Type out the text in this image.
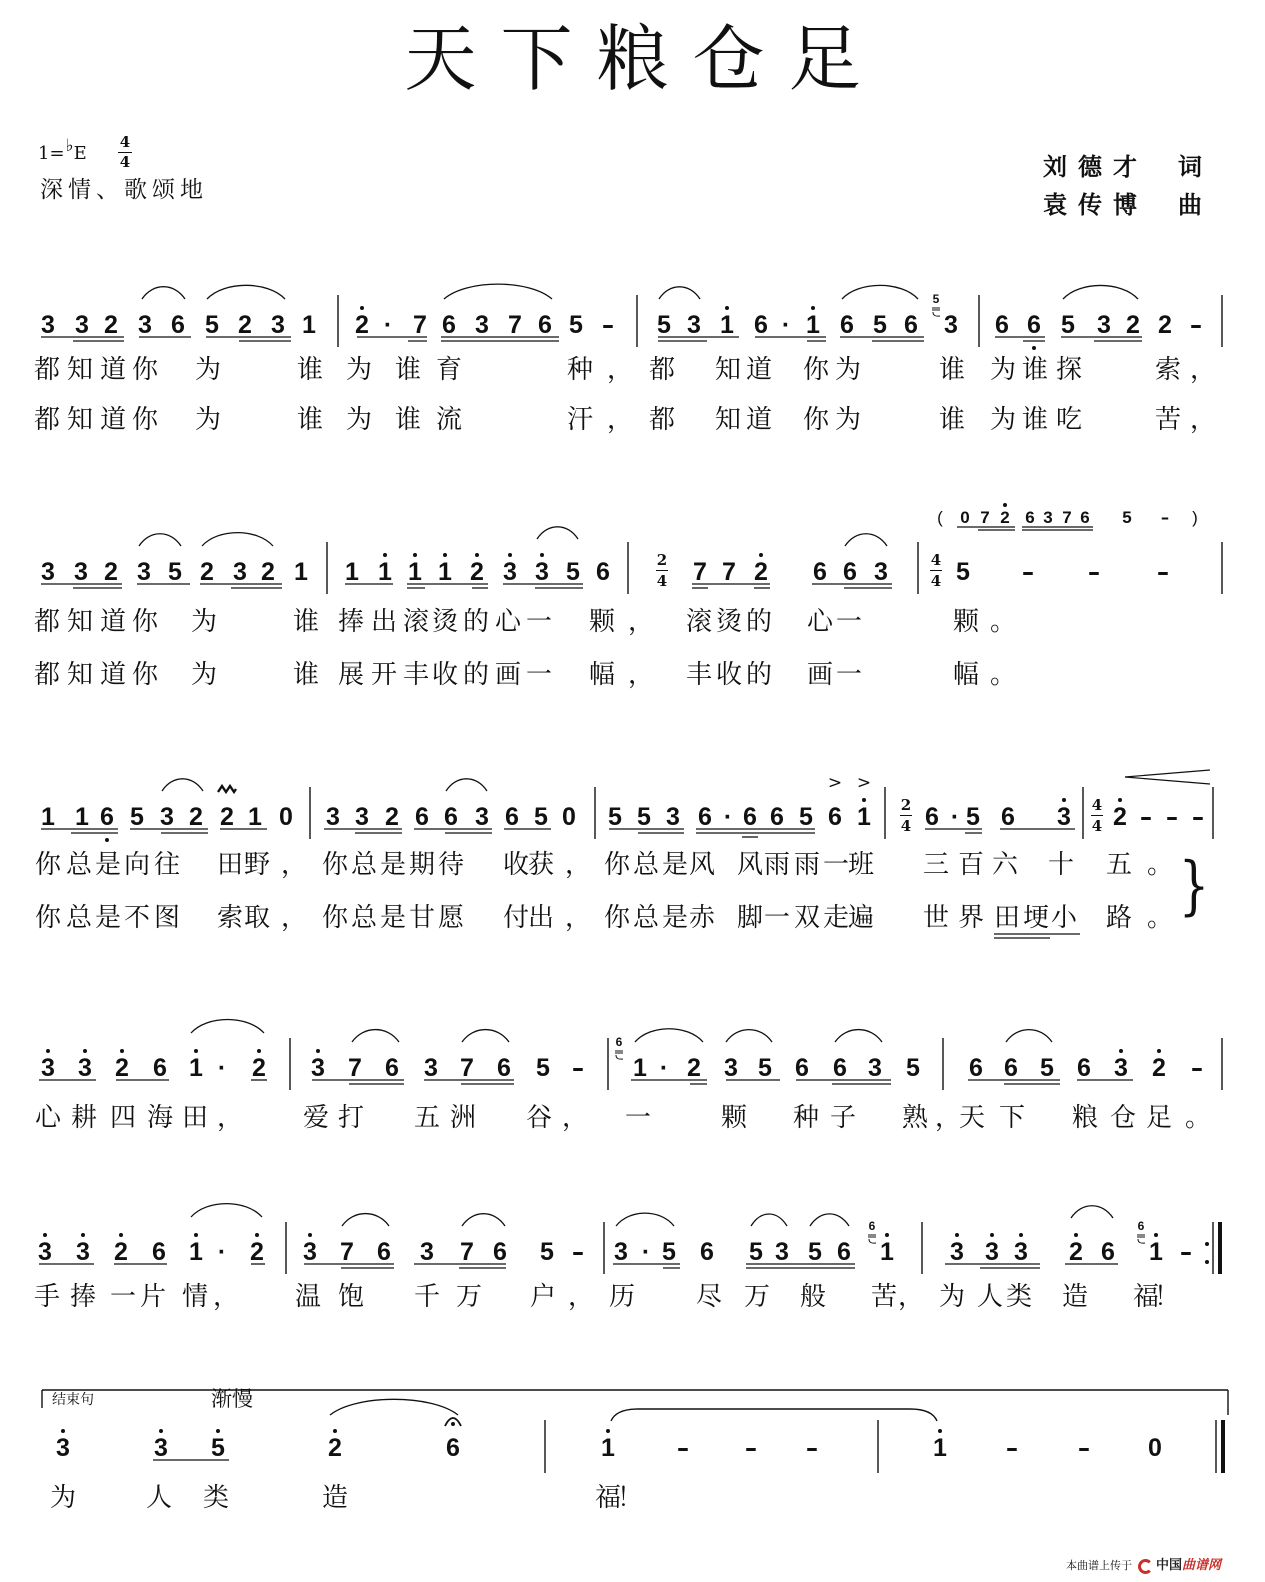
天下粮仓足
1=♭E
4
4
深情、歌颂地
刘德才 词
袁传博 曲
结束句	渐慢
本曲谱上传于 中国曲谱网
3 3 2 3 6 5 2 3 1 2 · 7 6 3 7 6 5 -	5 3 1 6 · 1 6 5 6 3 6 6 5 3 2 2 -
5
都 知 道 你 为	谁 为 谁 育	种 ， 都 知 道 你 为	谁 为 谁 探	索 ，
都 知 道 你 为	谁 为 谁 流	汗 ， 都 知 道 你 为	谁 为 谁 吃	苦 ，
3 3 2 3 5 2 3 2 1 1 1 1 1 2 3 3 5 6	7 7 2 6 6 3	5	-	-	-
2
4
4
4
都 知 道 你 为	谁 捧 出 滚 烫 的 心 一 颗 ， 滚 烫 的 心 一	颗 。
都 知 道 你 为	谁 展 开 丰 收 的 画 一 幅 ， 丰 收 的 画 一	幅 。
1 1 6 5 3 2 2 1 0 3 3 2 6 6 3 6 5 0 5 5 3 6 · 6 6 5 6 1 6 · 5 6 3 2 - - -
2
4
4
4
你 总 是 向 往 田 野 ， 你 总 是 期 待 收
获 ， 你 总 是 风 风 雨 雨 一
班 三 百 六 十 五 。
你 总 是 不 图 索 取 ， 你 总 是 甘 愿 付
出 ， 你 总 是 赤 脚 一 双 走
遍 世 界 田 埂 小 路 。
> >
}
3 3 2 6 1 ·	2 3 7 6 3 7 6 5 -	1 · 2 3 5 6 6 3 5 6 6 5 6 3 2 -
6
心 耕 四 海 田 ， 爱 打 五 洲 谷 ， 一	颗 种 子 熟 ，
天 下 粮 仓 足 。
3 3 2 6 1 · 2 3 7 6 3 7 6 5 -	3 · 5 6 5 3 5 6 1 3 3 3 2 6 1 -
6	6
手 捧 一 片 情 ， 温 饱 千 万 户 ， 历 尽 万 般 苦 ， 为 人 类 造 福
！
3	3 5	2	6	1	-	-	-	1	-	-	0
为	人 类	造	福
！
(	0 7 2 6 3 7 6 5	-	)
